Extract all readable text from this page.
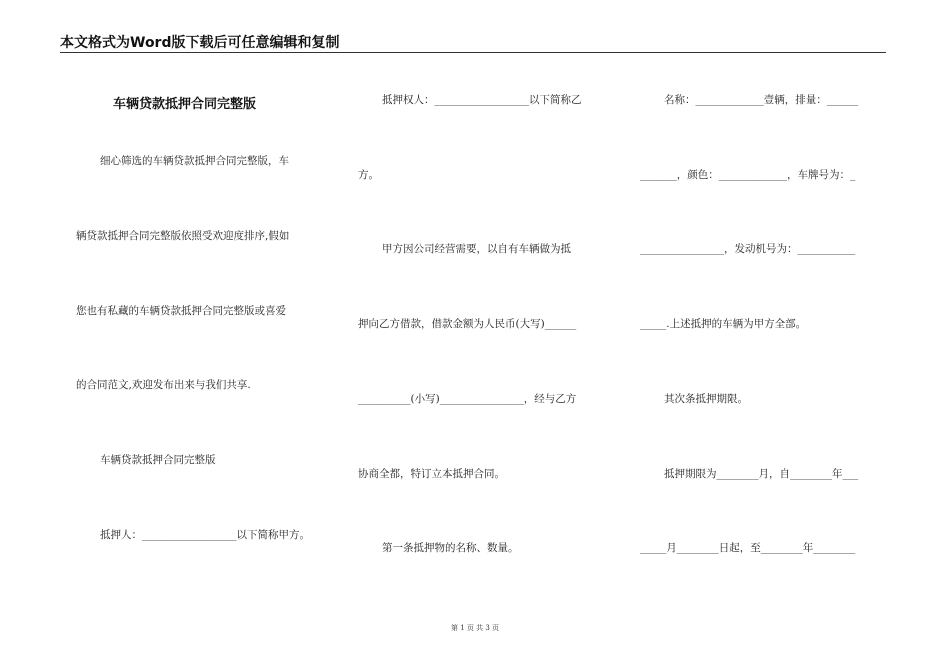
本文格式为Word版下载后可任意编辑和复制
车辆贷款抵押合同完整版
细心筛选的车辆贷款抵押合同完整版，车
辆贷款抵押合同完整版依照受欢迎度排序,假如
您也有私藏的车辆贷款抵押合同完整版或喜爱
的合同范文,欢迎发布出来与我们共享.
车辆贷款抵押合同完整版
抵押人：__________________以下简称甲方。
抵押权人：__________________以下简称乙
方。
甲方因公司经营需要，以自有车辆做为抵
押向乙方借款，借款金额为人民币(大写)______
__________(小写)________________，经与乙方
协商全都，特订立本抵押合同。
第一条抵押物的名称、数量。
名称：_____________壹辆，排量：______
_______，颜色：_____________，车牌号为：_
________________，发动机号为：___________
_____.上述抵押的车辆为甲方全部。
其次条抵押期限。
抵押期限为________月，自________年___
_____月________日起，至________年________
第 1 页 共 3 页
